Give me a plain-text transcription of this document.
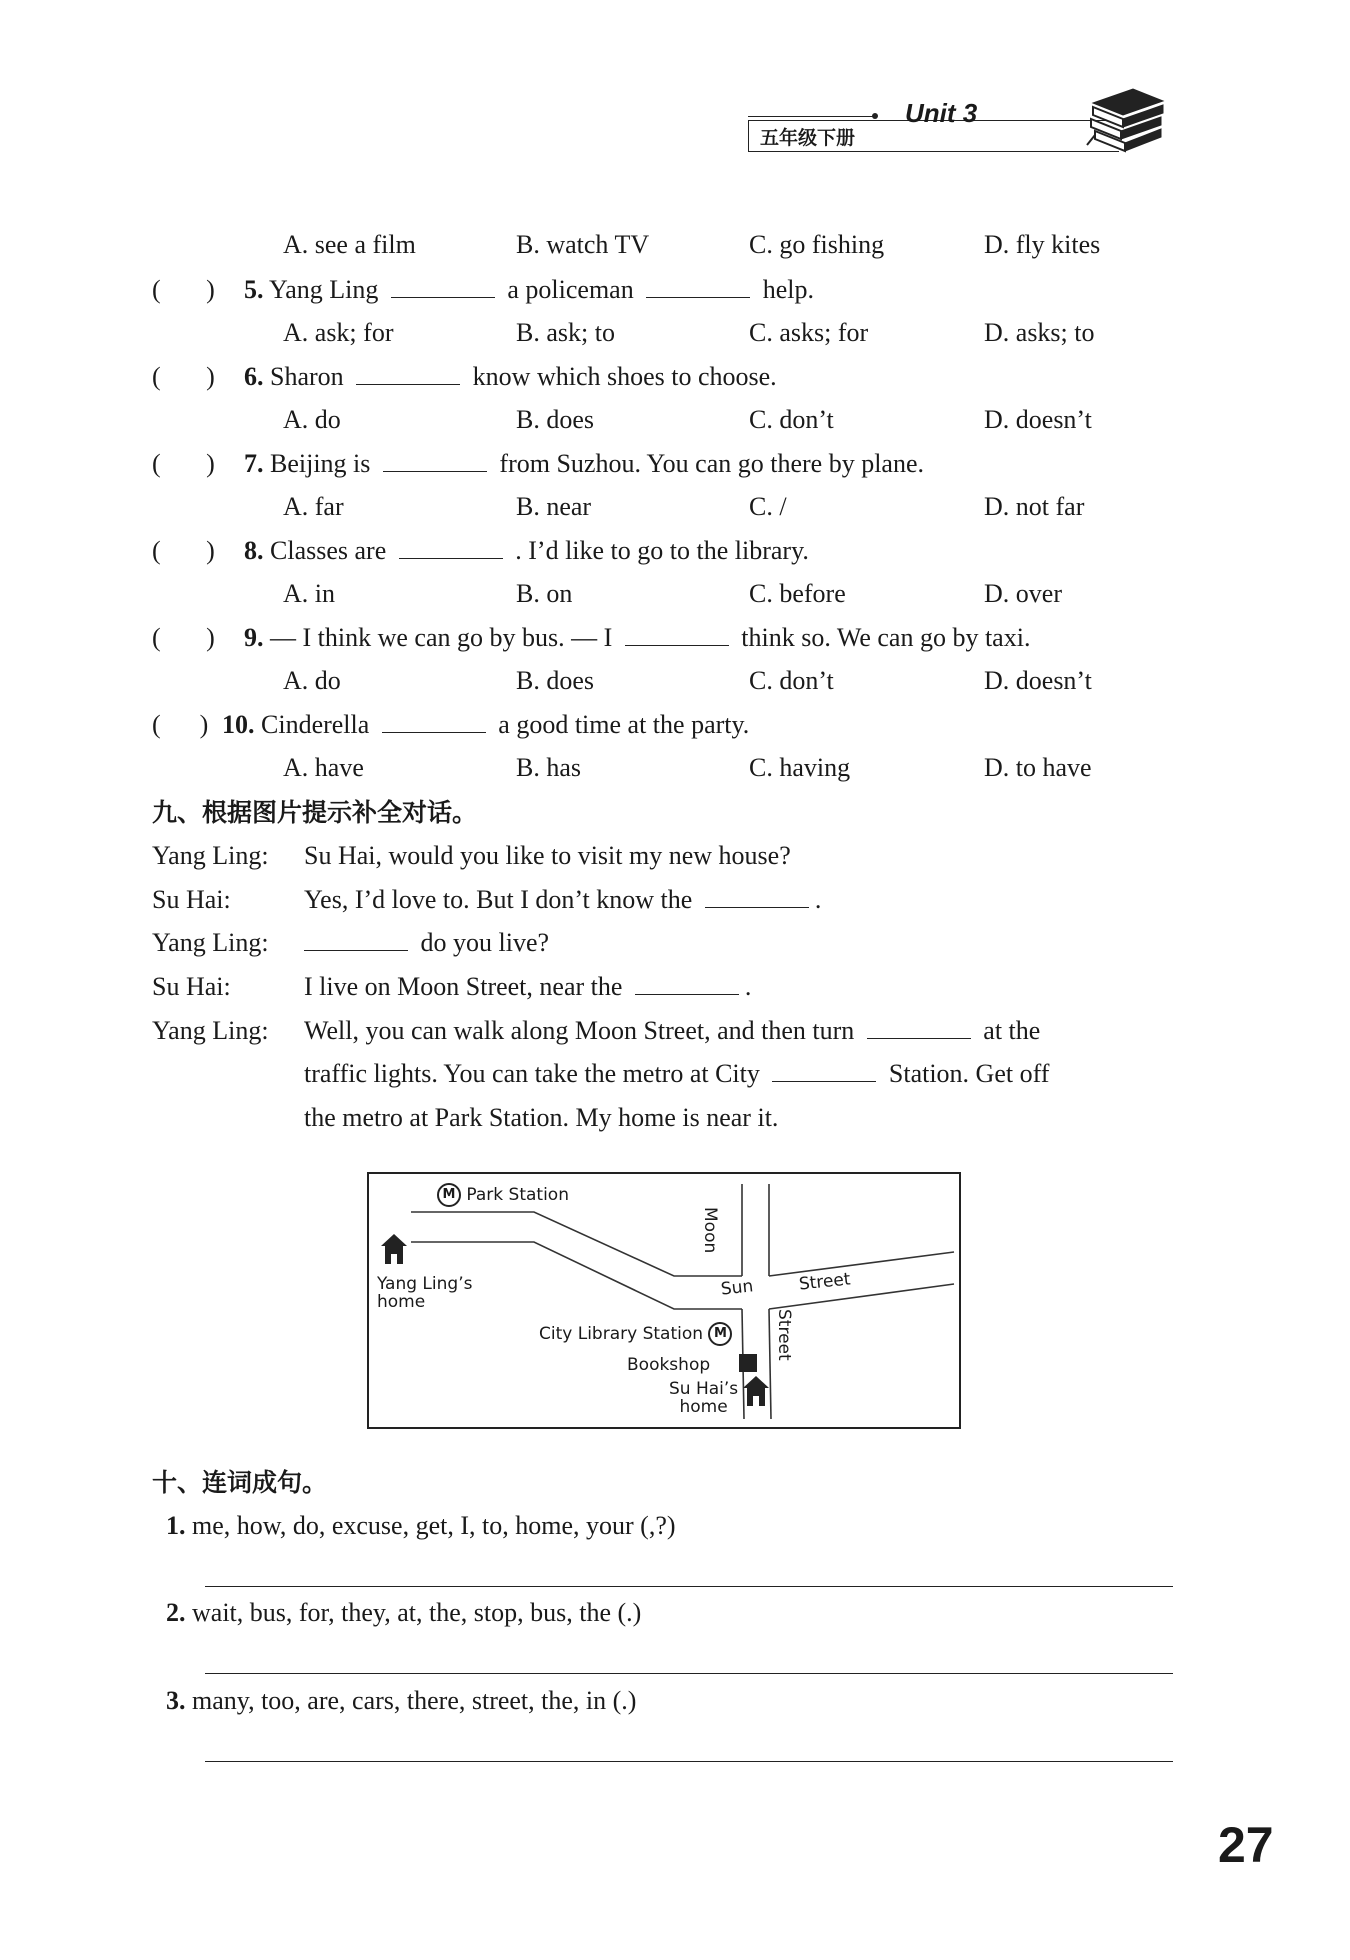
五年级下册
Unit 3
A. see a film	B. watch TV	C. go fishing	D. fly kites
(       ) 5. Yang Ling	a policeman	help.
A. ask; for	B. ask; to	C. asks; for	D. asks; to
(       ) 6. Sharon	know which shoes to choose.
A. do	B. does	C. don’t	D. doesn’t
(       ) 7. Beijing is	from Suzhou. You can go there by plane.
A. far	B. near	C. /	D. not far
(       ) 8. Classes are	. I’d like to go to the library.
A. in	B. on	C. before	D. over
(       ) 9. — I think we can go by bus. — I	think so. We can go by taxi.
A. do	B. does	C. don’t	D. doesn’t
(      ) 10. Cinderella	a good time at the party.
A. have	B. has	C. having	D. to have
九、根据图片提示补全对话。
Yang Ling: Su Hai, would you like to visit my new house?
Su Hai:	Yes, I’d love to. But I don’t know the	.
Yang Ling:	do you live?
Su Hai:	I live on Moon Street, near the	.
Yang Ling: Well, you can walk along Moon Street, and then turn	at the
traffic lights. You can take the metro at City	Station. Get off
the metro at Park Station. My home is near it.
M Park Station
Yang Ling’s
home
Moon
Sun	Street
Street
City Library Station M
Bookshop
Su Hai’s
home
十、连词成句。
1. me, how, do, excuse, get, I, to, home, your (,?)
2. wait, bus, for, they, at, the, stop, bus, the (.)
3. many, too, are, cars, there, street, the, in (.)
27
